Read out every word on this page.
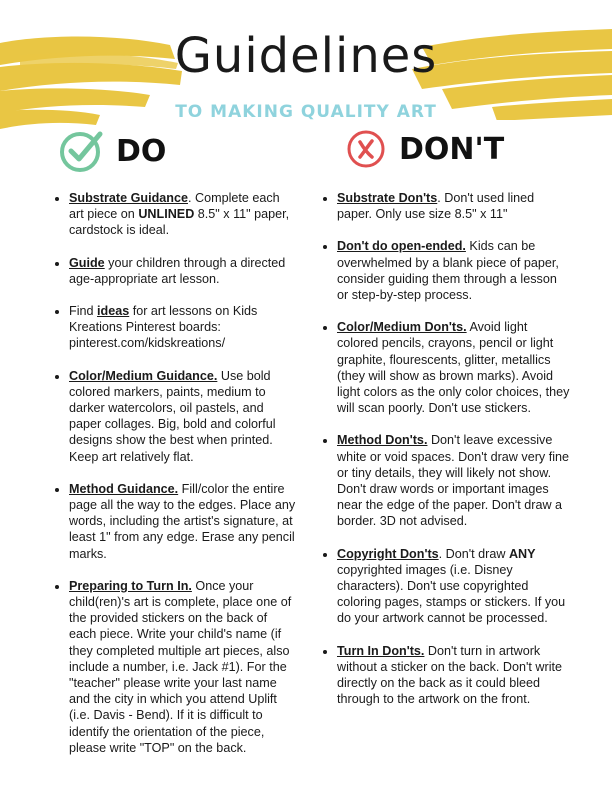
Guidelines
TO MAKING QUALITY ART
DO	DON'T
• Substrate Guidance. Complete each art piece on UNLINED 8.5" x 11" paper, cardstock is ideal.
• Guide your children through a directed age-appropriate art lesson.
• Find ideas for art lessons on Kids Kreations Pinterest boards: pinterest.com/kidskreations/
• Color/Medium Guidance. Use bold colored markers, paints, medium to darker watercolors, oil pastels, and paper collages. Big, bold and colorful designs show the best when printed. Keep art relatively flat.
• Method Guidance. Fill/color the entire page all the way to the edges. Place any words, including the artist's signature, at least 1" from any edge. Erase any pencil marks.
• Preparing to Turn In. Once your child(ren)'s art is complete, place one of the provided stickers on the back of each piece. Write your child's name (if they completed multiple art pieces, also include a number, i.e. Jack #1). For the "teacher" please write your last name and the city in which you attend Uplift (i.e. Davis - Bend). If it is difficult to identify the orientation of the piece, please write "TOP" on the back.
• Substrate Don'ts. Don't used lined paper. Only use size 8.5" x 11"
• Don't do open-ended. Kids can be overwhelmed by a blank piece of paper, consider guiding them through a lesson or step-by-step process.
• Color/Medium Don'ts. Avoid light colored pencils, crayons, pencil or light graphite, flourescents, glitter, metallics (they will show as brown marks). Avoid light colors as the only color choices, they will scan poorly. Don't use stickers.
• Method Don'ts. Don't leave excessive white or void spaces. Don't draw very fine or tiny details, they will likely not show. Don't draw words or important images near the edge of the paper. Don't draw a border. 3D not advised.
• Copyright Don'ts. Don't draw ANY copyrighted images (i.e. Disney characters). Don't use copyrighted coloring pages, stamps or stickers. If you do your artwork cannot be processed.
• Turn In Don'ts. Don't turn in artwork without a sticker on the back. Don't write directly on the back as it could bleed through to the artwork on the front.
